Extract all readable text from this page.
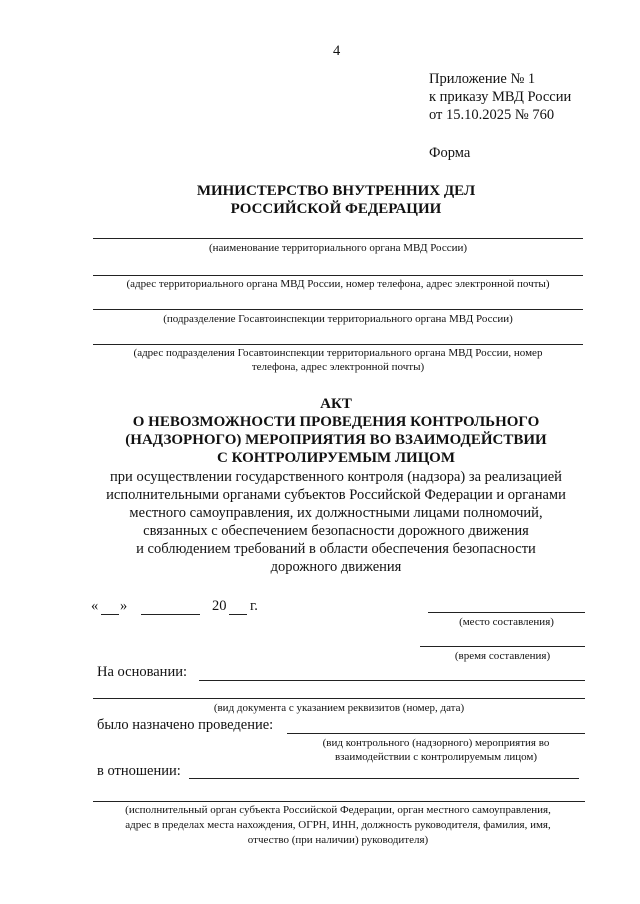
4
Приложение № 1
к приказу МВД России
от 15.10.2025 № 760
Форма
МИНИСТЕРСТВО ВНУТРЕННИХ ДЕЛ
РОССИЙСКОЙ ФЕДЕРАЦИИ
(наименование территориального органа МВД России)
(адрес территориального органа МВД России, номер телефона, адрес электронной почты)
(подразделение Госавтоинспекции территориального органа МВД России)
(адрес подразделения Госавтоинспекции территориального органа МВД России, номер
телефона, адрес электронной почты)
АКТ
О НЕВОЗМОЖНОСТИ ПРОВЕДЕНИЯ КОНТРОЛЬНОГО
(НАДЗОРНОГО) МЕРОПРИЯТИЯ ВО ВЗАИМОДЕЙСТВИИ
С КОНТРОЛИРУЕМЫМ ЛИЦОМ
при осуществлении государственного контроля (надзора) за реализацией
исполнительными органами субъектов Российской Федерации и органами
местного самоуправления, их должностными лицами полномочий,
связанных с обеспечением безопасности дорожного движения
и соблюдением требований в области обеспечения безопасности
дорожного движения
« »	20 г.
(место составления)
(время составления)
На основании:
(вид документа с указанием реквизитов (номер, дата)
было назначено проведение:
(вид контрольного (надзорного) мероприятия во
взаимодействии с контролируемым лицом)
в отношении:
(исполнительный орган субъекта Российской Федерации, орган местного самоуправления,
адрес в пределах места нахождения, ОГРН, ИНН, должность руководителя, фамилия, имя,
отчество (при наличии) руководителя)
